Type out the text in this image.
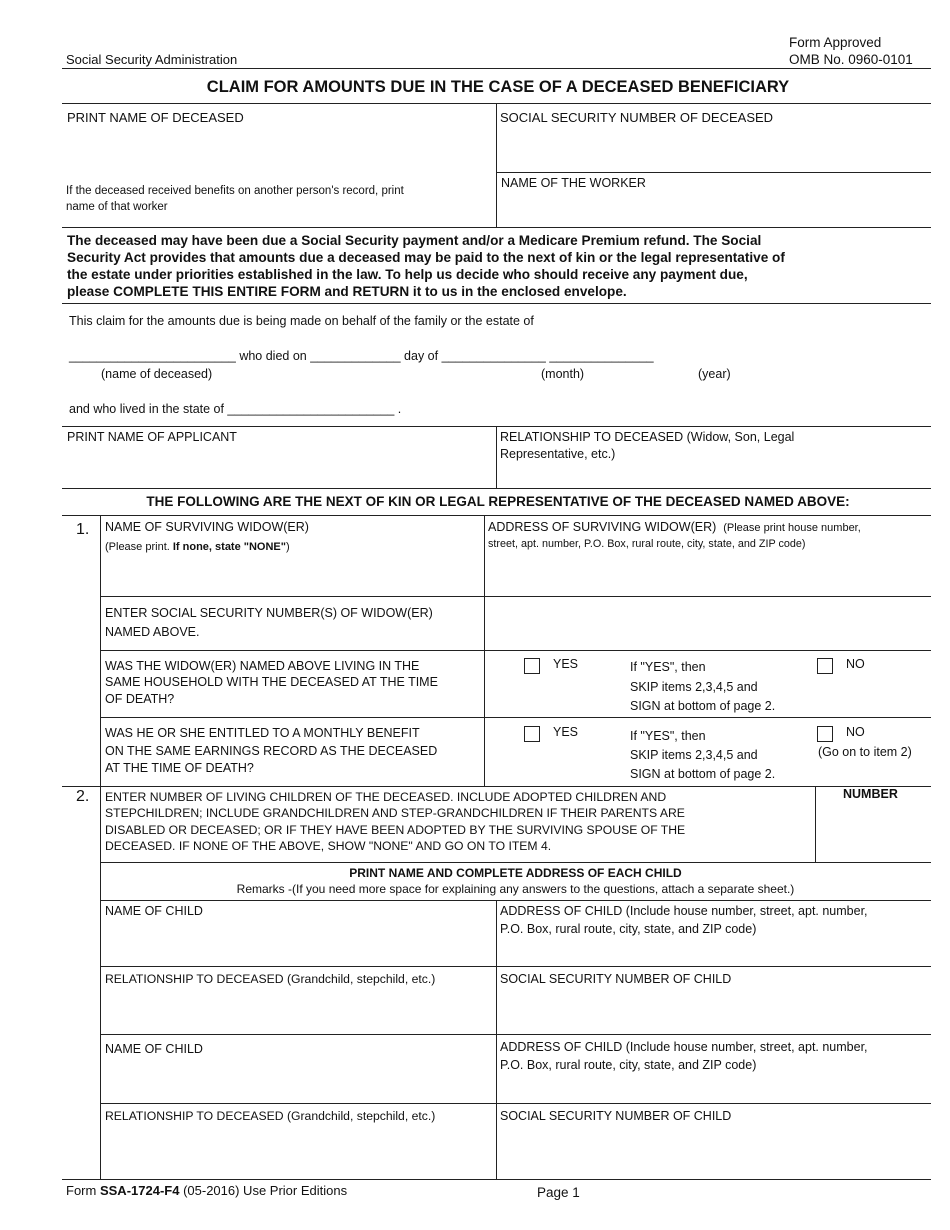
Social Security Administration
Form Approved
OMB No. 0960-0101
CLAIM FOR AMOUNTS DUE IN THE CASE OF A DECEASED BENEFICIARY
PRINT NAME OF DECEASED	SOCIAL SECURITY NUMBER OF DECEASED
If the deceased received benefits on another person's record, print
name of that worker
NAME OF THE WORKER
The deceased may have been due a Social Security payment and/or a Medicare Premium refund. The Social
Security Act provides that amounts due a deceased may be paid to the next of kin or the legal representative of
the estate under priorities established in the law. To help us decide who should receive any payment due,
please COMPLETE THIS ENTIRE FORM and RETURN it to us in the enclosed envelope.
This claim for the amounts due is being made on behalf of the family or the estate of
________________________ who died on _____________ day of _______________ _______________
(name of deceased)	(month)	(year)
and who lived in the state of ________________________ .
PRINT NAME OF APPLICANT	RELATIONSHIP TO DECEASED (Widow, Son, Legal
Representative, etc.)
THE FOLLOWING ARE THE NEXT OF KIN OR LEGAL REPRESENTATIVE OF THE DECEASED NAMED ABOVE:
1. NAME OF SURVIVING WIDOW(ER)
(Please print. If none, state "NONE")
ADDRESS OF SURVIVING WIDOW(ER) (Please print house number,
street, apt. number, P.O. Box, rural route, city, state, and ZIP code)
ENTER SOCIAL SECURITY NUMBER(S) OF WIDOW(ER)
NAMED ABOVE.
WAS THE WIDOW(ER) NAMED ABOVE LIVING IN THE
SAME HOUSEHOLD WITH THE DECEASED AT THE TIME
OF DEATH?
YES	If "YES", then
SKIP items 2,3,4,5 and
SIGN at bottom of page 2.
NO
WAS HE OR SHE ENTITLED TO A MONTHLY BENEFIT
ON THE SAME EARNINGS RECORD AS THE DECEASED
AT THE TIME OF DEATH?
YES	If "YES", then
SKIP items 2,3,4,5 and
SIGN at bottom of page 2.
NO
(Go on to item 2)
2. ENTER NUMBER OF LIVING CHILDREN OF THE DECEASED. INCLUDE ADOPTED CHILDREN AND
STEPCHILDREN; INCLUDE GRANDCHILDREN AND STEP-GRANDCHILDREN IF THEIR PARENTS ARE
DISABLED OR DECEASED; OR IF THEY HAVE BEEN ADOPTED BY THE SURVIVING SPOUSE OF THE
DECEASED. IF NONE OF THE ABOVE, SHOW "NONE" AND GO ON TO ITEM 4.
NUMBER
PRINT NAME AND COMPLETE ADDRESS OF EACH CHILD
Remarks -(If you need more space for explaining any answers to the questions, attach a separate sheet.)
NAME OF CHILD	ADDRESS OF CHILD (Include house number, street, apt. number,
P.O. Box, rural route, city, state, and ZIP code)
RELATIONSHIP TO DECEASED (Grandchild, stepchild, etc.)	SOCIAL SECURITY NUMBER OF CHILD
NAME OF CHILD	ADDRESS OF CHILD (Include house number, street, apt. number,
P.O. Box, rural route, city, state, and ZIP code)
RELATIONSHIP TO DECEASED (Grandchild, stepchild, etc.)	SOCIAL SECURITY NUMBER OF CHILD
Form SSA-1724-F4 (05-2016) Use Prior Editions	Page 1
